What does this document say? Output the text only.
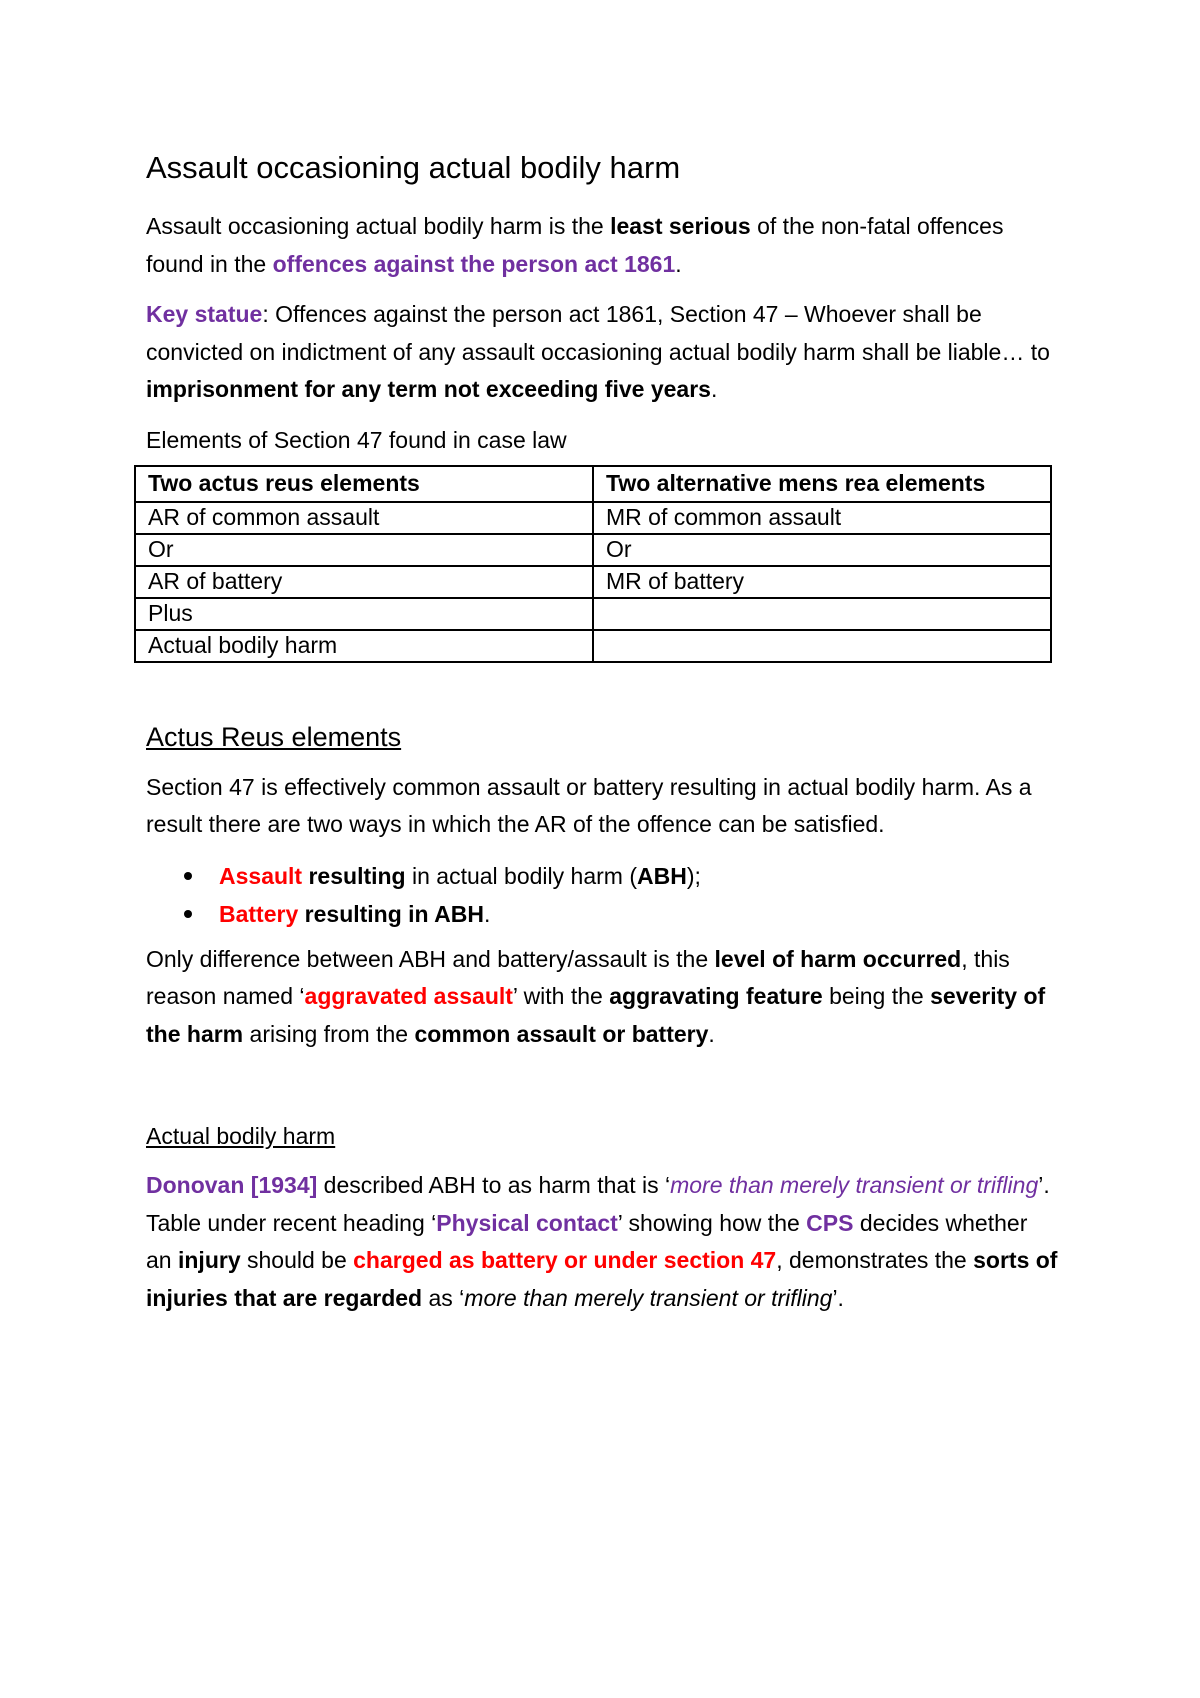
Assault occasioning actual bodily harm

Assault occasioning actual bodily harm is the least serious of the non-fatal offences found in the offences against the person act 1861.

Key statue: Offences against the person act 1861, Section 47 – Whoever shall be convicted on indictment of any assault occasioning actual bodily harm shall be liable… to imprisonment for any term not exceeding five years.

Elements of Section 47 found in case law

Two actus reus elements	Two alternative mens rea elements
AR of common assault	MR of common assault
Or	Or
AR of battery	MR of battery
Plus	
Actual bodily harm	
Actus Reus elements

Section 47 is effectively common assault or battery resulting in actual bodily harm. As a result there are two ways in which the AR of the offence can be satisfied.

Assault resulting in actual bodily harm (ABH);
Battery resulting in ABH.

Only difference between ABH and battery/assault is the level of harm occurred, this reason named ‘aggravated assault’ with the aggravating feature being the severity of the harm arising from the common assault or battery.

Actual bodily harm

Donovan [1934] described ABH to as harm that is ‘more than merely transient or trifling’. Table under recent heading ‘Physical contact’ showing how the CPS decides whether an injury should be charged as battery or under section 47, demonstrates the sorts of injuries that are regarded as ‘more than merely transient or trifling’.
